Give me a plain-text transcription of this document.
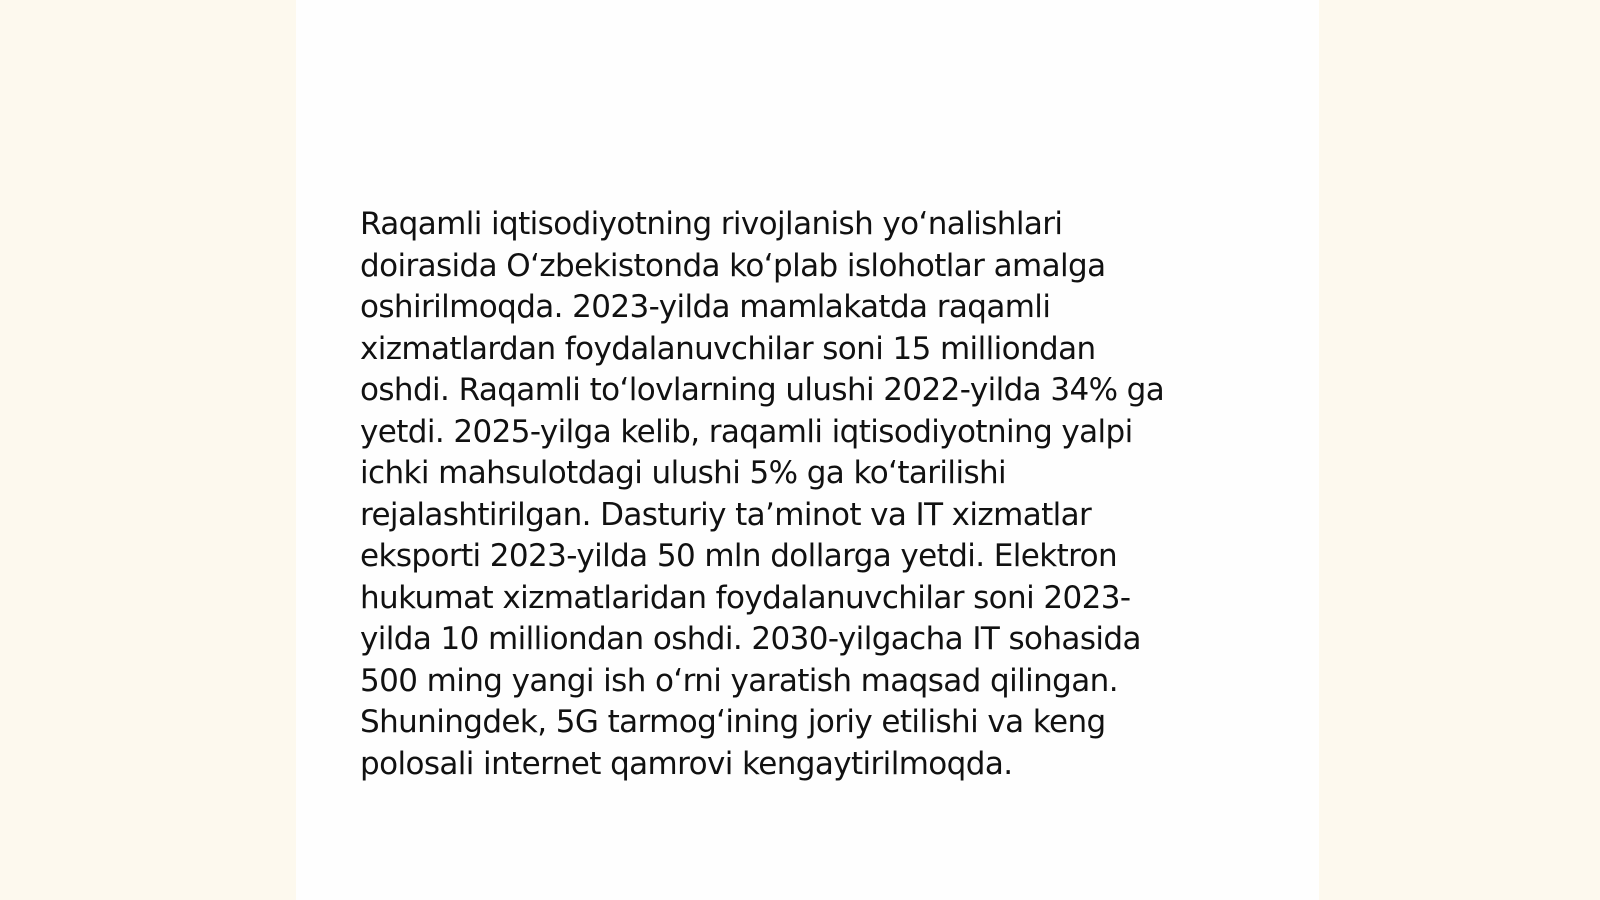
Raqamli iqtisodiyotning rivojlanish yo‘nalishlari
doirasida O‘zbekistonda ko‘plab islohotlar amalga
oshirilmoqda. 2023-yilda mamlakatda raqamli
xizmatlardan foydalanuvchilar soni 15 milliondan
oshdi. Raqamli to‘lovlarning ulushi 2022-yilda 34% ga
yetdi. 2025-yilga kelib, raqamli iqtisodiyotning yalpi
ichki mahsulotdagi ulushi 5% ga ko‘tarilishi
rejalashtirilgan. Dasturiy ta’minot va IT xizmatlar
eksporti 2023-yilda 50 mln dollarga yetdi. Elektron
hukumat xizmatlaridan foydalanuvchilar soni 2023-
yilda 10 milliondan oshdi. 2030-yilgacha IT sohasida
500 ming yangi ish o‘rni yaratish maqsad qilingan.
Shuningdek, 5G tarmog‘ining joriy etilishi va keng
polosali internet qamrovi kengaytirilmoqda.
